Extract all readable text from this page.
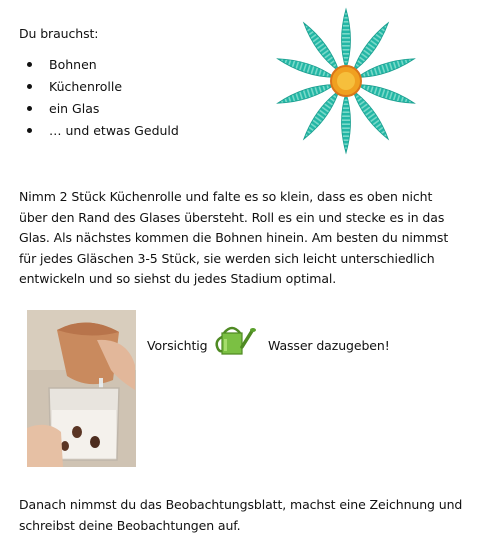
Du brauchst:
Bohnen
Küchenrolle
ein Glas
… und etwas Geduld
Nimm 2 Stück Küchenrolle und falte es so klein, dass es oben nicht über den Rand des Glases übersteht. Roll es ein und stecke es in das Glas. Als nächstes kommen die Bohnen hinein. Am besten du nimmst für jedes Gläschen 3-5 Stück, sie werden sich leicht unterschiedlich entwickeln und so siehst du jedes Stadium optimal.
Vorsichtig	Wasser dazugeben!
Danach nimmst du das Beobachtungsblatt, machst eine Zeichnung und schreibst deine Beobachtungen auf.
